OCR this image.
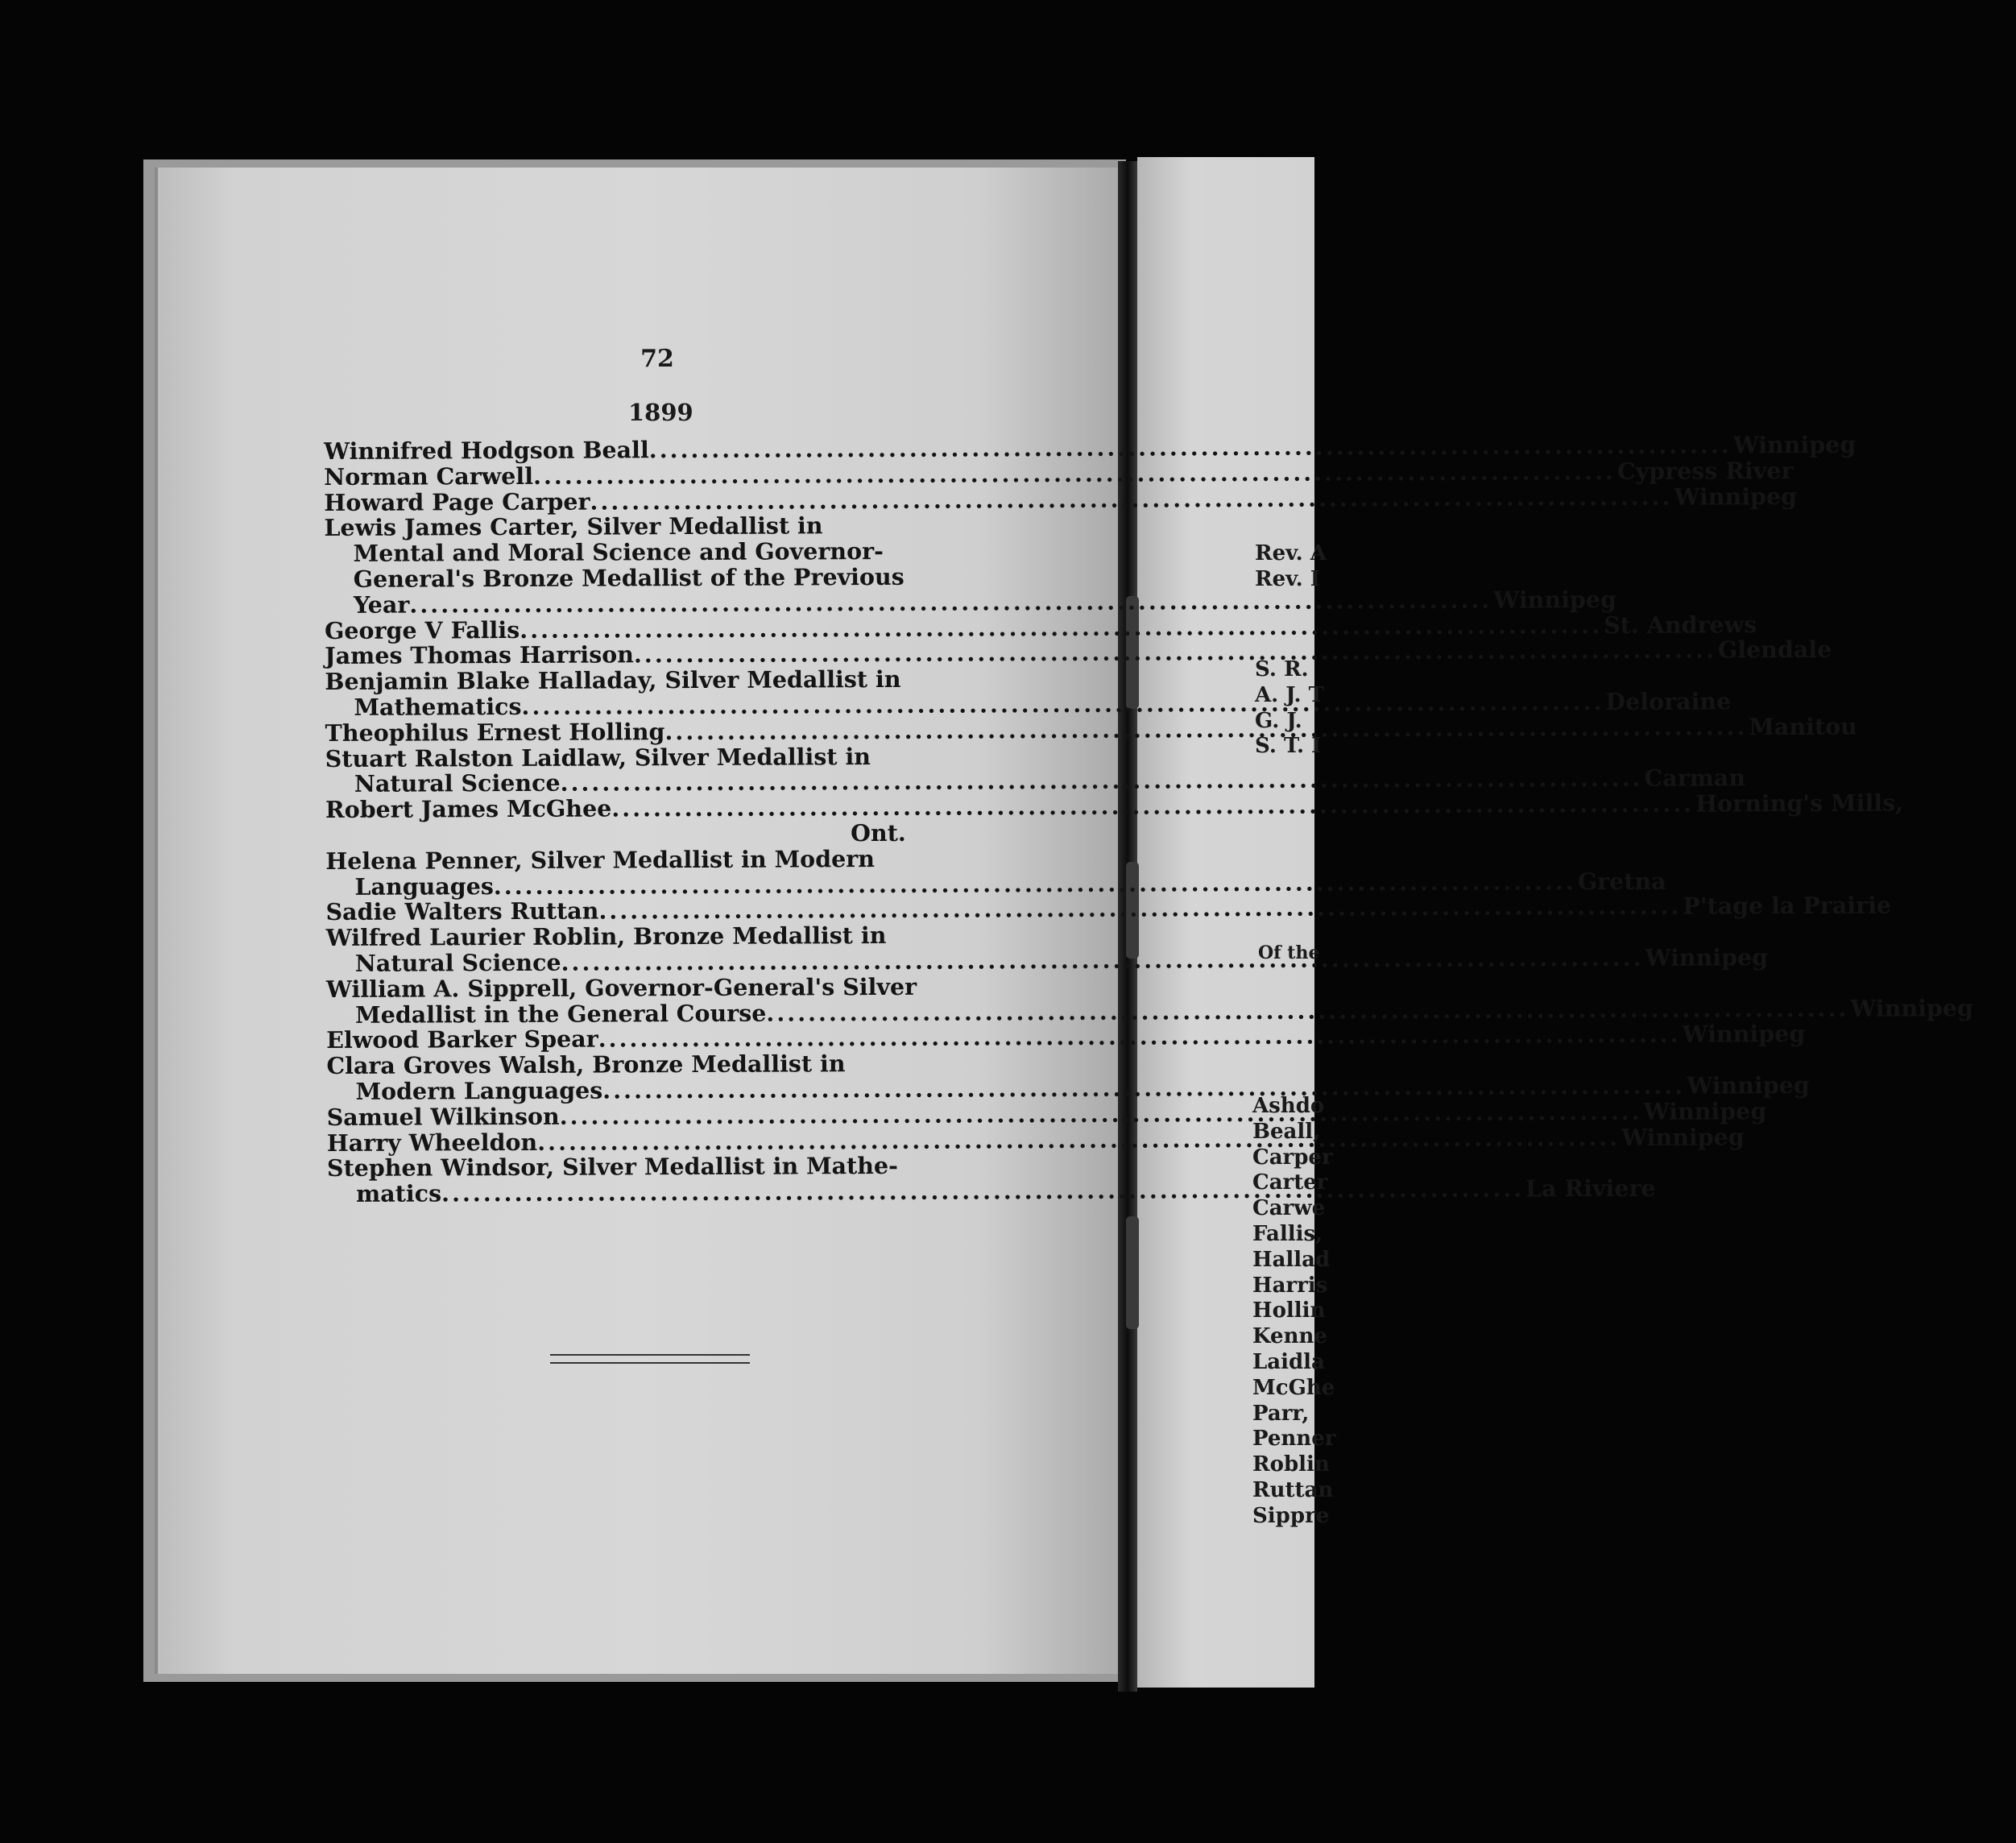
72
1899
Winnifred Hodgson Beall .....	Winnipeg
Norman Carwell .....	Cypress River
Howard Page Carper .....	Winnipeg
Lewis James Carter, Silver Medallist in
Mental and Moral Science and Governor-
General's Bronze Medallist of the Previous
Year .....	Winnipeg
George V Fallis .....	St. Andrews
James Thomas Harrison .....	Glendale
Benjamin Blake Halladay, Silver Medallist in
Mathematics .....	Deloraine
Theophilus Ernest Holling .....	Manitou
Stuart Ralston Laidlaw, Silver Medallist in
Natural Science .....	Carman
Robert James McGhee .....	Horning's Mills,
Ont.
Helena Penner, Silver Medallist in Modern
Languages .....	Gretna
Sadie Walters Ruttan .....	P'tage la Prairie
Wilfred Laurier Roblin, Bronze Medallist in
Natural Science .....	Winnipeg
William A. Sipprell, Governor-General's Silver
Medallist in the General Course .....	Winnipeg
Elwood Barker Spear .....	Winnipeg
Clara Groves Walsh, Bronze Medallist in
Modern Languages .....	Winnipeg
Samuel Wilkinson .....	Winnipeg
Harry Wheeldon .....	Winnipeg
Stephen Windsor, Silver Medallist in Mathe-
matics .....	La Riviere
Rev. A
Rev. I
S. R.
A. J. T
G. J.
S. T. I
Of the
Ashdo
Beall,
Carper
Carter
Carwe
Fallis,
Hallad
Harris
Hollin
Kenne
Laidla
McGhe
Parr,
Penner
Roblin
Ruttan
Sippre
